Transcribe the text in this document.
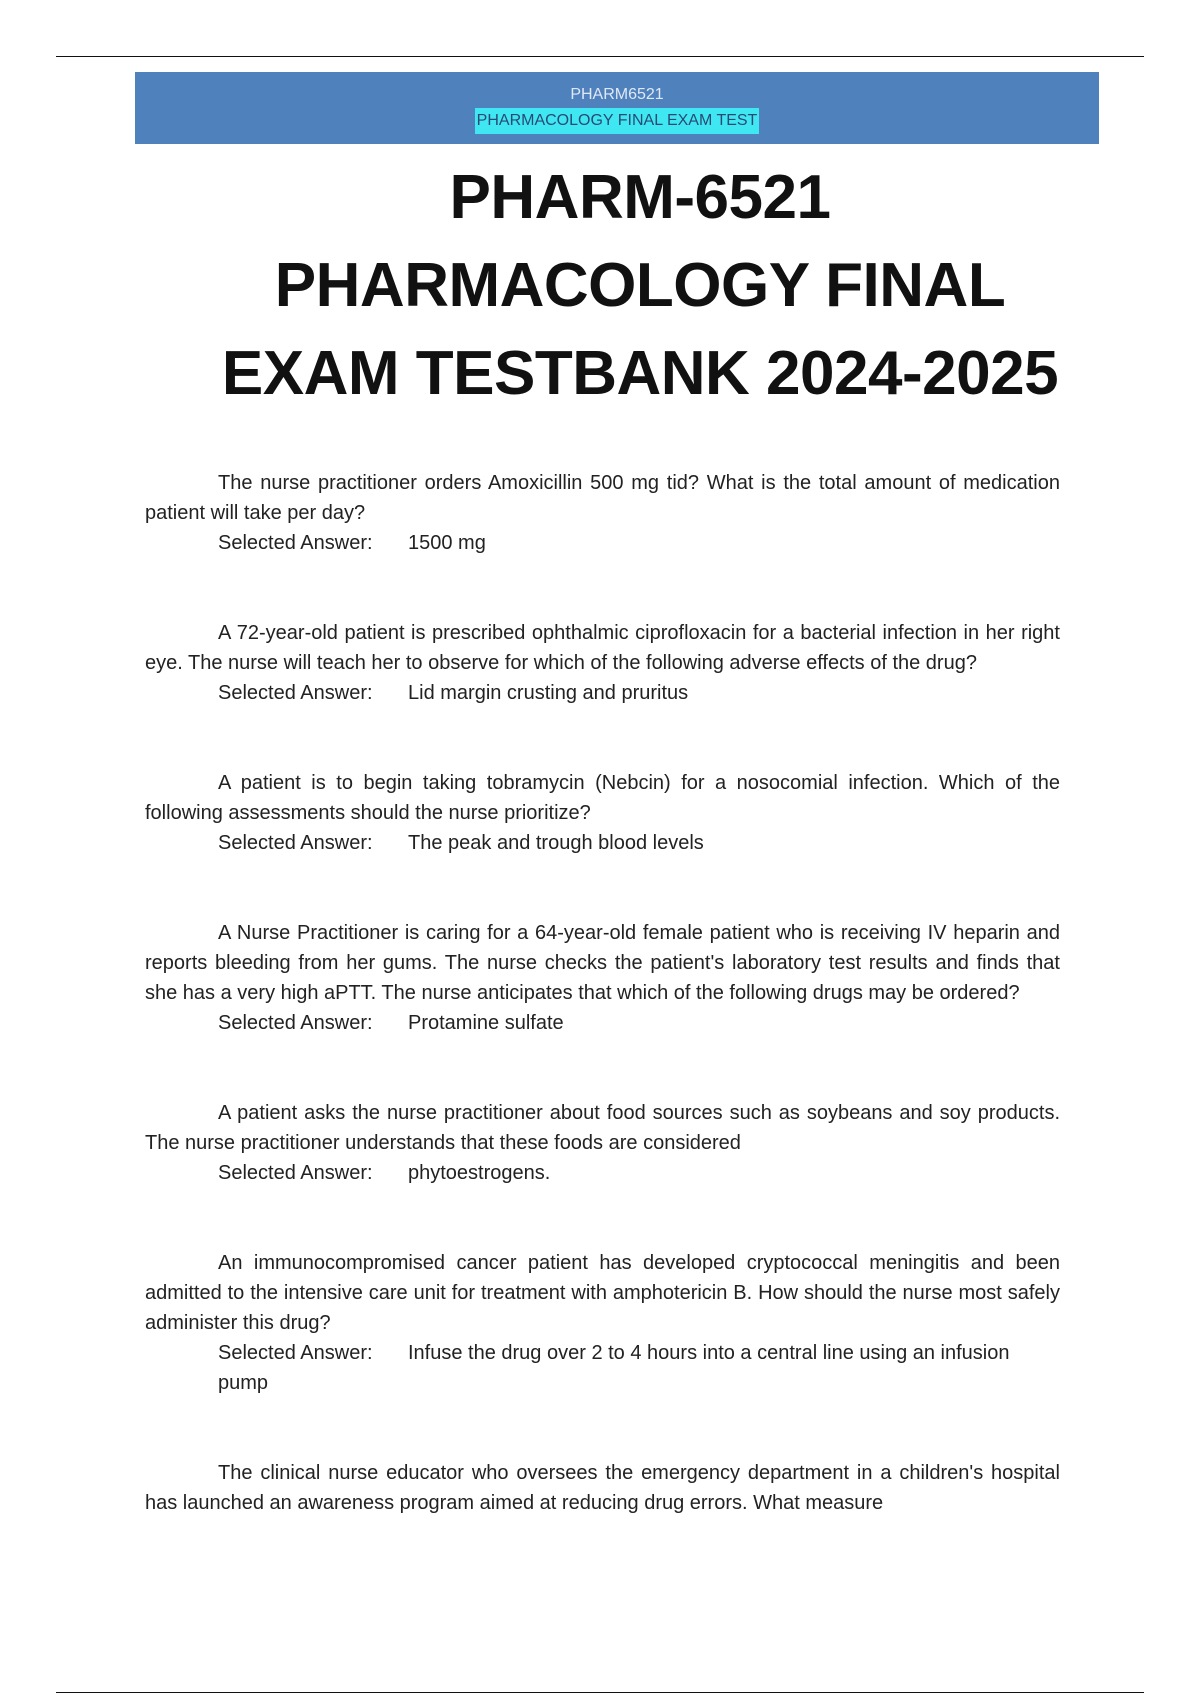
PHARM6521
PHARMACOLOGY FINAL EXAM TEST
PHARM-6521
PHARMACOLOGY FINAL
EXAM TESTBANK 2024-2025
The nurse practitioner orders Amoxicillin 500 mg tid? What is the total amount of medication patient will take per day?
Selected Answer: 1500 mg
A 72-year-old patient is prescribed ophthalmic ciprofloxacin for a bacterial infection in her right eye. The nurse will teach her to observe for which of the following adverse effects of the drug?
Selected Answer: Lid margin crusting and pruritus
A patient is to begin taking tobramycin (Nebcin) for a nosocomial infection. Which of the following assessments should the nurse prioritize?
Selected Answer: The peak and trough blood levels
A Nurse Practitioner is caring for a 64-year-old female patient who is receiving IV heparin and reports bleeding from her gums. The nurse checks the patient's laboratory test results and finds that she has a very high aPTT. The nurse anticipates that which of the following drugs may be ordered?
Selected Answer: Protamine sulfate
A patient asks the nurse practitioner about food sources such as soybeans and soy products. The nurse practitioner understands that these foods are considered
Selected Answer: phytoestrogens.
An immunocompromised cancer patient has developed cryptococcal meningitis and been admitted to the intensive care unit for treatment with amphotericin B. How should the nurse most safely administer this drug?
Selected Answer: Infuse the drug over 2 to 4 hours into a central line using an infusion pump
The clinical nurse educator who oversees the emergency department in a children's hospital has launched an awareness program aimed at reducing drug errors. What measure
